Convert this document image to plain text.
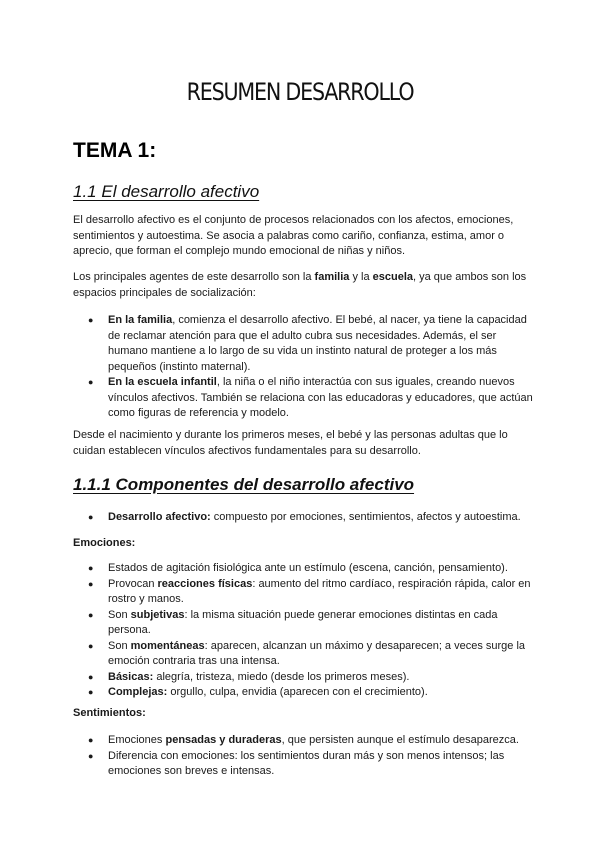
RESUMEN DESARROLLO
TEMA 1:
1.1 El desarrollo afectivo

El desarrollo afectivo es el conjunto de procesos relacionados con los afectos, emociones, sentimientos y autoestima. Se asocia a palabras como cariño, confianza, estima, amor o aprecio, que forman el complejo mundo emocional de niñas y niños.

Los principales agentes de este desarrollo son la familia y la escuela, ya que ambos son los espacios principales de socialización:

● En la familia, comienza el desarrollo afectivo. El bebé, al nacer, ya tiene la capacidad de reclamar atención para que el adulto cubra sus necesidades. Además, el ser humano mantiene a lo largo de su vida un instinto natural de proteger a los más pequeños (instinto maternal).
● En la escuela infantil, la niña o el niño interactúa con sus iguales, creando nuevos vínculos afectivos. También se relaciona con las educadoras y educadores, que actúan como figuras de referencia y modelo.

Desde el nacimiento y durante los primeros meses, el bebé y las personas adultas que lo cuidan establecen vínculos afectivos fundamentales para su desarrollo.

1.1.1 Componentes del desarrollo afectivo
● Desarrollo afectivo: compuesto por emociones, sentimientos, afectos y autoestima.
Emociones:
● Estados de agitación fisiológica ante un estímulo (escena, canción, pensamiento).
● Provocan reacciones físicas: aumento del ritmo cardíaco, respiración rápida, calor en rostro y manos.
● Son subjetivas: la misma situación puede generar emociones distintas en cada persona.
● Son momentáneas: aparecen, alcanzan un máximo y desaparecen; a veces surge la emoción contraria tras una intensa.
● Básicas: alegría, tristeza, miedo (desde los primeros meses).
● Complejas: orgullo, culpa, envidia (aparecen con el crecimiento).
Sentimientos:
● Emociones pensadas y duraderas, que persisten aunque el estímulo desaparezca.
● Diferencia con emociones: los sentimientos duran más y son menos intensos; las emociones son breves e intensas.
